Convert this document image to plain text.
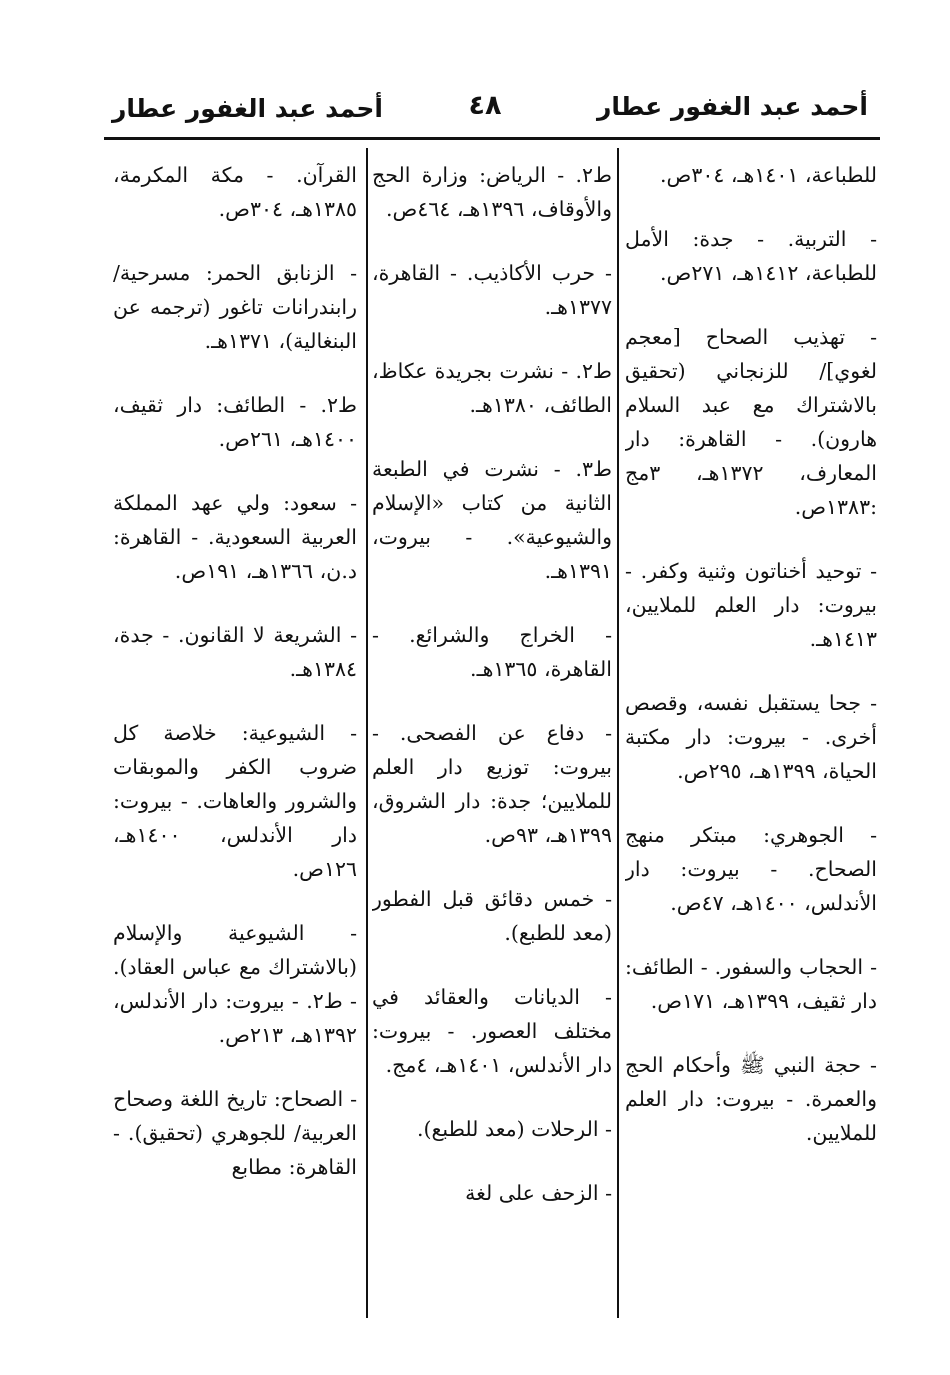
أحمد عبد الغفور عطار
٤٨
أحمد عبد الغفور عطار

للطباعة، ١٤٠١هـ، ٣٠٤ص.

- التربية. - جدة: الأمل للطباعة، ١٤١٢هـ، ٢٧١ص.

- تهذيب الصحاح [معجم لغوي]/ للزنجاني (تحقيق بالاشتراك مع عبد السلام هارون). - القاهرة: دار المعارف، ١٣٧٢هـ، ٣مج :١٣٨٣ص.

- توحيد أخناتون وثنية وكفر. - بيروت: دار العلم للملايين، ١٤١٣هـ.

- جحا يستقبل نفسه، وقصص أخرى. - بيروت: دار مكتبة الحياة، ١٣٩٩هـ، ٢٩٥ص.

- الجوهري: مبتكر منهج الصحاح. - بيروت: دار الأندلس، ١٤٠٠هـ، ٤٧ص.

- الحجاب والسفور. - الطائف: دار ثقيف، ١٣٩٩هـ، ١٧١ص.

- حجة النبي ﷺ وأحكام الحج والعمرة. - بيروت: دار العلم للملايين.

ط٢. - الرياض: وزارة الحج والأوقاف، ١٣٩٦هـ، ٤٦٤ص.

- حرب الأكاذيب. - القاهرة، ١٣٧٧هـ.

ط٢. - نشرت بجريدة عكاظ، الطائف، ١٣٨٠هـ.

ط٣. - نشرت في الطبعة الثانية من كتاب «الإسلام والشيوعية». - بيروت، ١٣٩١هـ.

- الخراج والشرائع. - القاهرة، ١٣٦٥هـ.

- دفاع عن الفصحى. - بيروت: توزيع دار العلم للملايين؛ جدة: دار الشروق، ١٣٩٩هـ، ٩٣ص.

- خمس دقائق قبل الفطور (معد للطبع).

- الديانات والعقائد في مختلف العصور. - بيروت: دار الأندلس، ١٤٠١هـ، ٤مج.

- الرحلات (معد للطبع).

- الزحف على لغة

القرآن. - مكة المكرمة، ١٣٨٥هـ، ٣٠٤ص.

- الزنابق الحمر: مسرحية/ رابندرانات تاغور (ترجمه عن البنغالية)، ١٣٧١هـ.

ط٢. - الطائف: دار ثقيف، ١٤٠٠هـ، ٢٦١ص.

- سعود: ولي عهد المملكة العربية السعودية. - القاهرة: د.ن، ١٣٦٦هـ، ١٩١ص.

- الشريعة لا القانون. - جدة، ١٣٨٤هـ.

- الشيوعية: خلاصة كل ضروب الكفر والموبقات والشرور والعاهات. - بيروت: دار الأندلس، ١٤٠٠هـ، ١٢٦ص.

- الشيوعية والإسلام (بالاشتراك مع عباس العقاد). - ط٢. - بيروت: دار الأندلس، ١٣٩٢هـ، ٢١٣ص.

- الصحاح: تاريخ اللغة وصحاح العربية/ للجوهري (تحقيق). - القاهرة: مطابع
